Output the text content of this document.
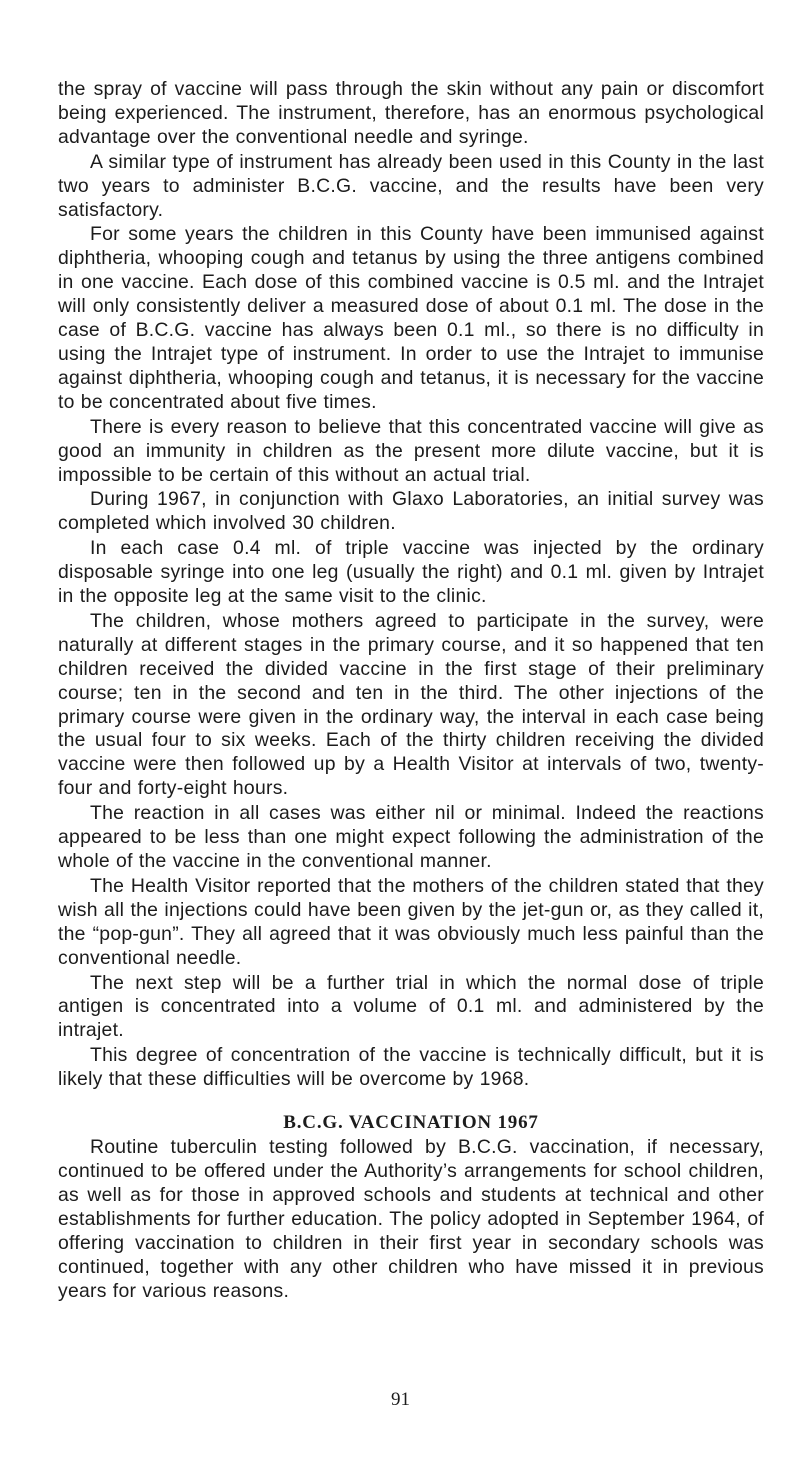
the spray of vaccine will pass through the skin without any pain or discomfort being experienced. The instrument, therefore, has an enormous psychological advantage over the conventional needle and syringe.

A similar type of instrument has already been used in this County in the last two years to administer B.C.G. vaccine, and the results have been very satisfactory.

For some years the children in this County have been immunised against diphtheria, whooping cough and tetanus by using the three antigens combined in one vaccine. Each dose of this combined vaccine is 0.5 ml. and the Intrajet will only consistently deliver a measured dose of about 0.1 ml. The dose in the case of B.C.G. vaccine has always been 0.1 ml., so there is no difficulty in using the Intrajet type of instrument. In order to use the Intrajet to immunise against diphtheria, whooping cough and tetanus, it is necessary for the vaccine to be concentrated about five times.

There is every reason to believe that this concentrated vaccine will give as good an immunity in children as the present more dilute vaccine, but it is impossible to be certain of this without an actual trial.

During 1967, in conjunction with Glaxo Laboratories, an initial survey was completed which involved 30 children.

In each case 0.4 ml. of triple vaccine was injected by the ordinary disposable syringe into one leg (usually the right) and 0.1 ml. given by Intrajet in the opposite leg at the same visit to the clinic.

The children, whose mothers agreed to participate in the survey, were naturally at different stages in the primary course, and it so happened that ten children received the divided vaccine in the first stage of their preliminary course; ten in the second and ten in the third. The other injections of the primary course were given in the ordinary way, the interval in each case being the usual four to six weeks. Each of the thirty children receiving the divided vaccine were then followed up by a Health Visitor at intervals of two, twenty-four and forty-eight hours.

The reaction in all cases was either nil or minimal. Indeed the reactions appeared to be less than one might expect following the administration of the whole of the vaccine in the conventional manner.

The Health Visitor reported that the mothers of the children stated that they wish all the injections could have been given by the jet-gun or, as they called it, the “pop-gun”. They all agreed that it was obviously much less painful than the conventional needle.

The next step will be a further trial in which the normal dose of triple antigen is concentrated into a volume of 0.1 ml. and administered by the intrajet.

This degree of concentration of the vaccine is technically difficult, but it is likely that these difficulties will be overcome by 1968.

B.C.G. VACCINATION 1967

Routine tuberculin testing followed by B.C.G. vaccination, if necessary, continued to be offered under the Authority’s arrangements for school children, as well as for those in approved schools and students at technical and other establishments for further education. The policy adopted in September 1964, of offering vaccination to children in their first year in secondary schools was continued, together with any other children who have missed it in previous years for various reasons.

91
